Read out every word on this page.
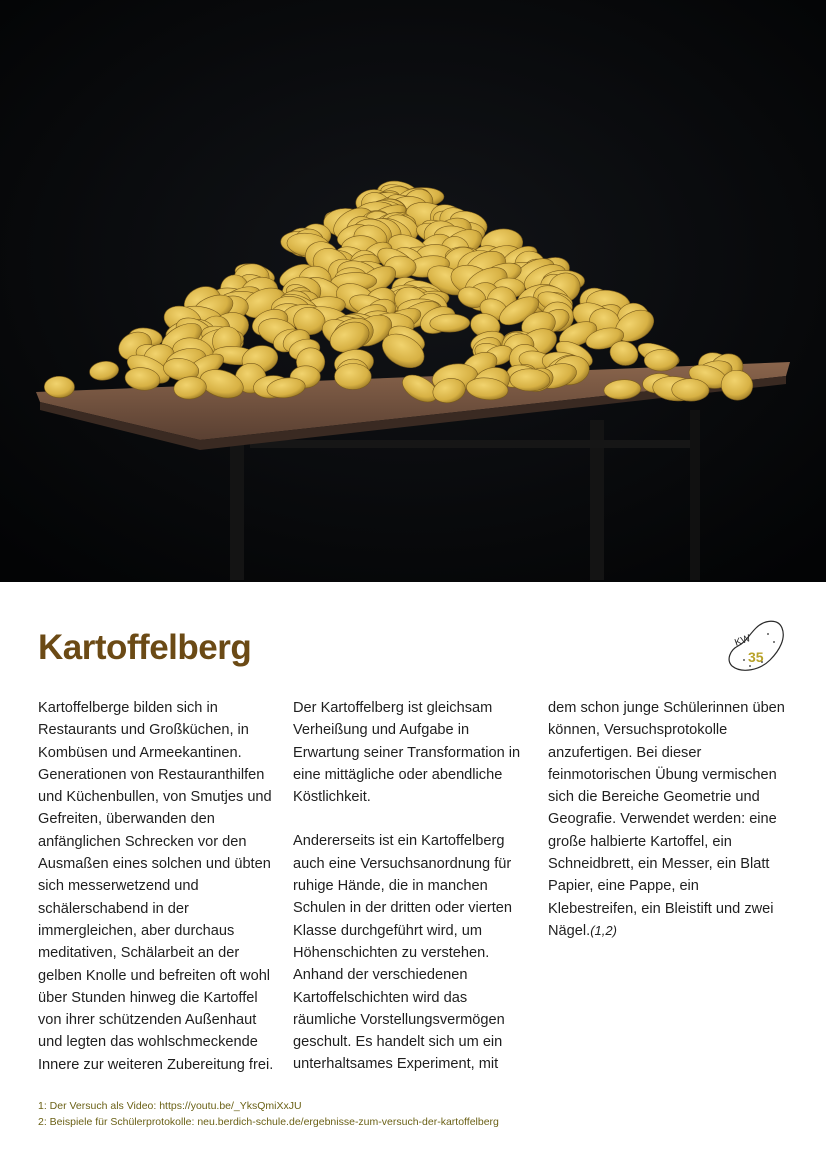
Kartoffelberg	KW
35

Kartoffelberge bilden sich in Restaurants und Großküchen, in Kombüsen und Armeekantinen. Generationen von Restauranthilfen und Küchenbullen, von Smutjes und Gefreiten, überwanden den anfänglichen Schrecken vor den Ausmaßen eines solchen und übten sich messerwetzend und schälerschabend in der immergleichen, aber durchaus meditativen, Schälarbeit an der gelben Knolle und befreiten oft wohl über Stunden hinweg die Kartoffel von ihrer schützenden Außenhaut und legten das wohlschmeckende Innere zur weiteren Zubereitung frei.

Der Kartoffelberg ist gleichsam Verheißung und Aufgabe in Erwartung seiner Transformation in eine mittägliche oder abendliche Köstlichkeit.

Andererseits ist ein Kartoffelberg auch eine Versuchsanordnung für ruhige Hände, die in manchen Schulen in der dritten oder vierten Klasse durchgeführt wird, um Höhenschichten zu verstehen. Anhand der verschiedenen Kartoffelschichten wird das räumliche Vorstellungsvermögen geschult. Es handelt sich um ein unterhaltsames Experiment, mit

dem schon junge Schülerinnen üben können, Versuchsprotokolle anzufertigen. Bei dieser feinmotorischen Übung vermischen sich die Bereiche Geometrie und Geografie. Verwendet werden: eine große halbierte Kartoffel, ein Schneidbrett, ein Messer, ein Blatt Papier, eine Pappe, ein Klebestreifen, ein Bleistift und zwei Nägel.(1,2)

1: Der Versuch als Video: https://youtu.be/_YksQmiXxJU
2: Beispiele für Schülerprotokolle: neu.berdich-schule.de/ergebnisse-zum-versuch-der-kartoffelberg
